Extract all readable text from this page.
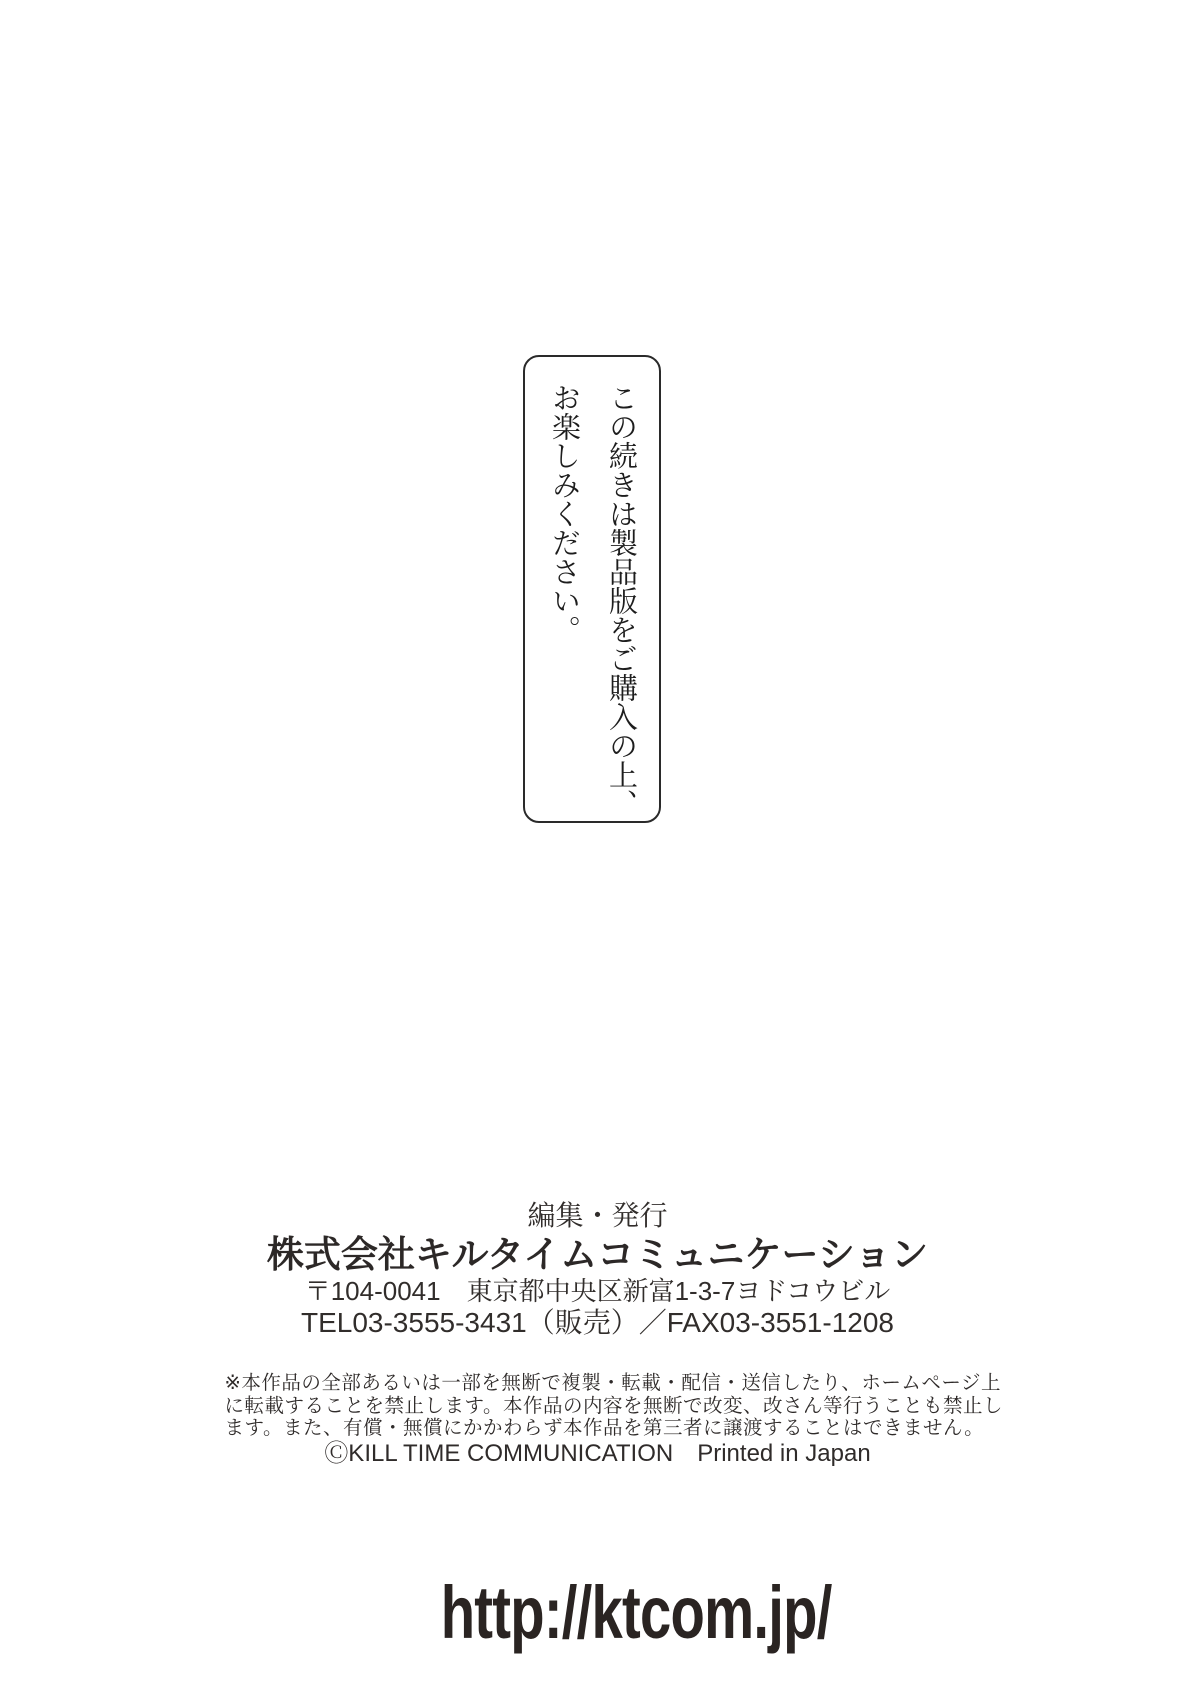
この続きは製品版をご購入の上、
お楽しみください。
編集・発行
株式会社キルタイムコミュニケーション
〒104-0041　東京都中央区新富1-3-7ヨドコウビル
TEL03-3555-3431（販売）／FAX03-3551-1208
※本作品の全部あるいは一部を無断で複製・転載・配信・送信したり、ホームページ上
に転載することを禁止します。本作品の内容を無断で改変、改さん等行うことも禁止し
ます。また、有償・無償にかかわらず本作品を第三者に譲渡することはできません。
ⒸKILL TIME COMMUNICATION　Printed in Japan

http://ktcom.jp/
